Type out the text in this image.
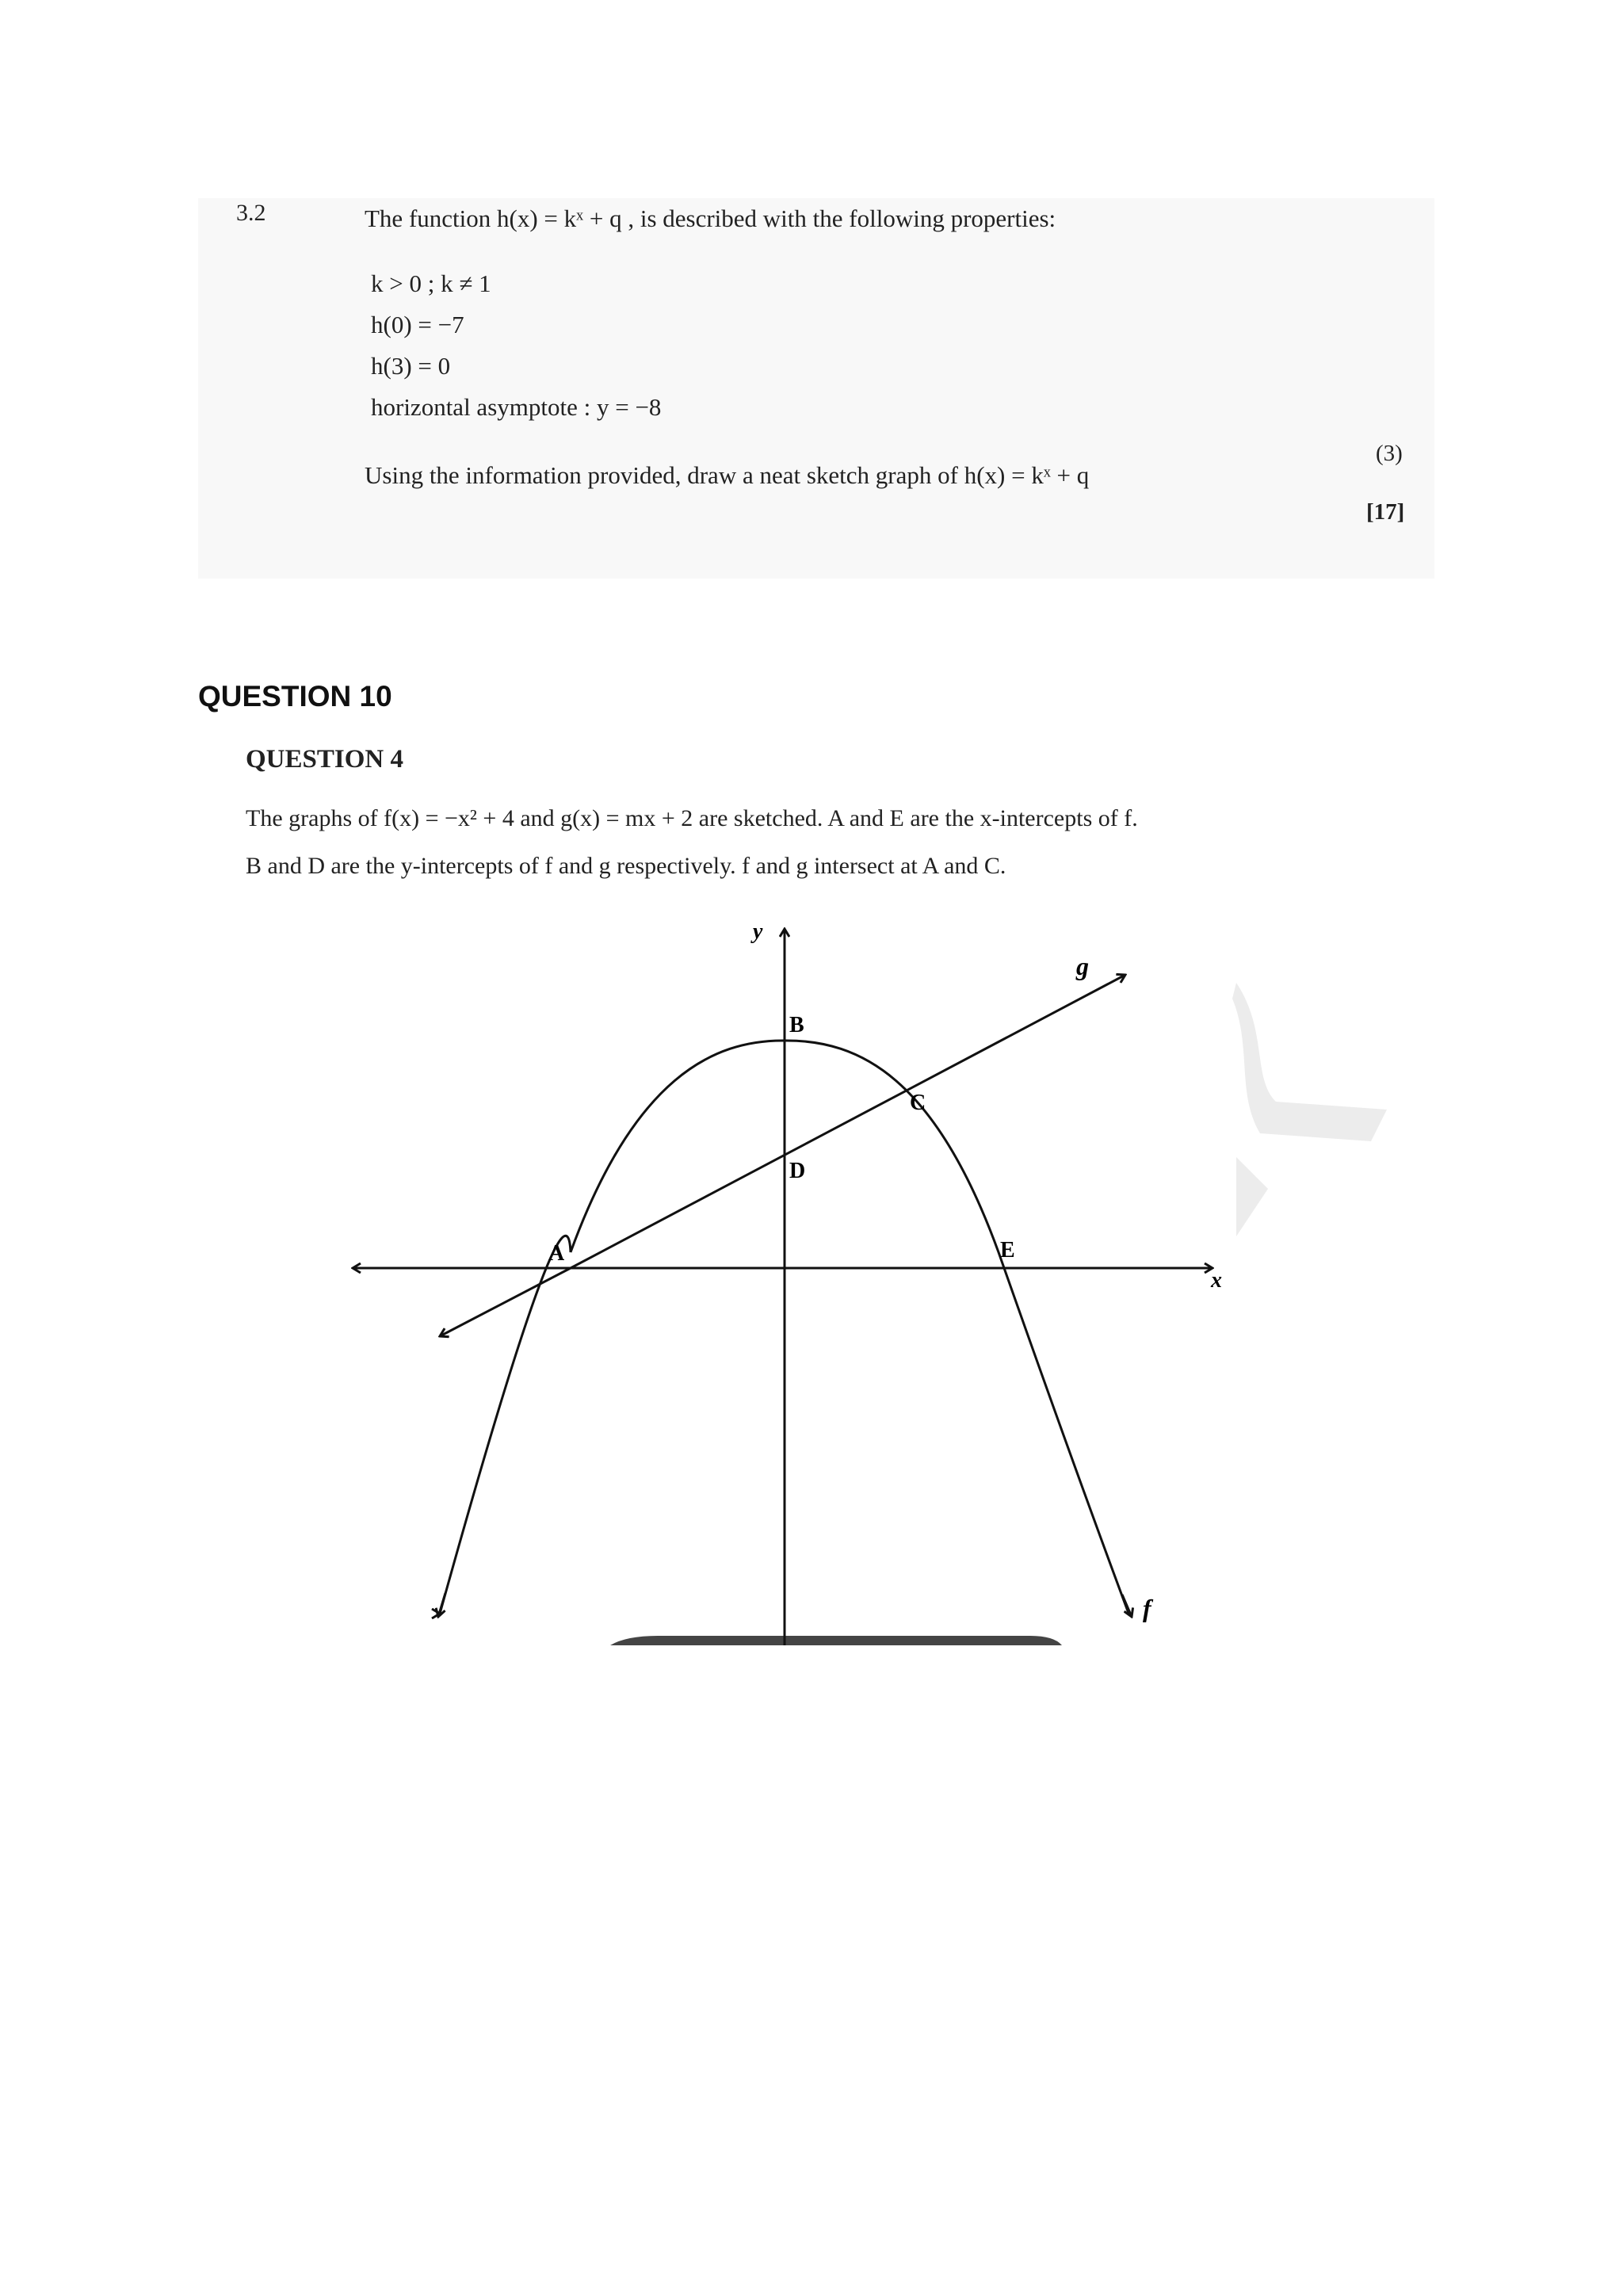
3.2	The function h(x) = kˣ + q , is described with the following properties:
k > 0 ; k ≠ 1
h(0) = −7
h(3) = 0
horizontal asymptote : y = −8
(3)
Using the information provided, draw a neat sketch graph of h(x) = kˣ + q
[17]
QUESTION 10
QUESTION 4
The graphs of f(x) = −x² + 4 and g(x) = mx + 2 are sketched. A and E are the x-intercepts of f.
B and D are the y-intercepts of f and g respectively. f and g intersect at A and C.
y
x
g
f
B
C
D
A	E
